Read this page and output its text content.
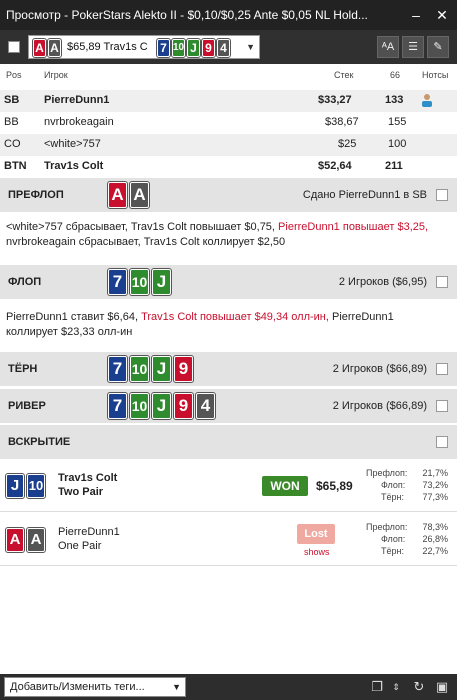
Просмотр - PokerStars Alekto II - $0,10/$0,25 Ante $0,05 NL Hold...	–	✕
A A $65,89 Trav1s C 7 10 J 9 4	▼	ᴬA	☰	✎
Pos Игрок	Стек	66 Нотсы
SB PierreDunn1	$33,27	133
BB nvrbrokeagain	$38,67	155
CO <white>757	$25	100
BTN Trav1s Colt	$52,64	211
ПРЕФЛОП	A A	Сдано PierreDunn1 в SB
<white>757 сбрасывает, Trav1s Colt повышает $0,75, PierreDunn1 повышает $3,25,
nvrbrokeagain сбрасывает, Trav1s Colt коллирует $2,50
ФЛОП	7 10 J	2 Игроков ($6,95)
PierreDunn1 ставит $6,64, Trav1s Colt повышает $49,34 олл-ин, PierreDunn1
коллирует $23,33 олл-ин
ТЁРН	7 10 J 9	2 Игроков ($66,89)
РИВЕР	7 10 J 9 4	2 Игроков ($66,89)
ВСКРЫТИЕ
J 10 Trav1s Colt
Two Pair	WON	$65,89
Префлоп:	21,7%
Флоп:	73,2%
Тёрн:	77,3%
A A	PierreDunn1
One Pair
Lost
shows
Префлоп:	78,3%
Флоп:	26,8%
Тёрн:	22,7%
Добавить/Изменить теги...	▼	❐	⇕	↻ ▣
